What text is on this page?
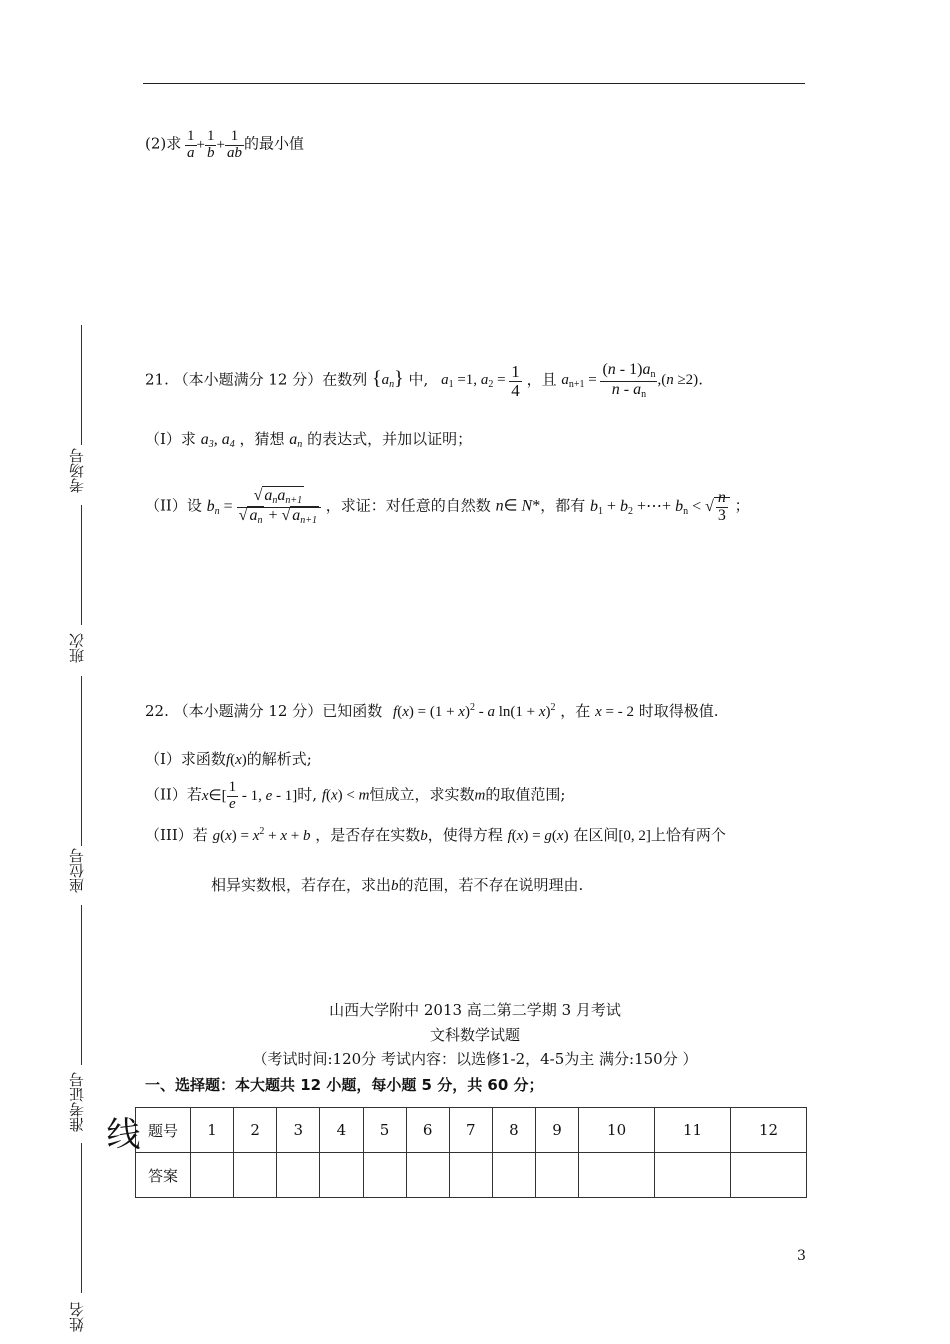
(2)求 $\frac{1}{a} + \frac{1}{b} + \frac{1}{ab}$ 的最小值
21. （本小题满分 12 分）在数列 $\{a_n\}$ 中, $a_1 =1$, $a_2 = \frac{1}{4}$ ，且 $a_{n+1} = \frac{(n - 1)a_n}{n - a_n} ,(n \ge 2)$.
（I）求 $a_3$, $a_4$ ，猜想 $a_n$ 的表达式，并加以证明；
（II）设 $b_n = \frac{√ a_na_{n+1}}{√ a_n + √ a_{n+1}}$ ，求证：对任意的自然数 n∈ N*，都有 $b_1 + b_2$ +⋯+ $b_n$ < √ $\frac{n}{3}$ ；
22. （本小题满分 12 分）已知函数 $f(x) = (1 + x)^2 - a$ $\ln(1 + x)^2$ ，在 x = - 2 时取得极值.
（I）求函数f(x)的解析式;
（II）若x∈[ $\frac{1}{e} - 1$, e - 1]时, f(x) < m恒成立，求实数m的取值范围;
（III）若 $g(x) = x^2 + x + b$ ，是否存在实数b，使得方程 f(x) = g(x) 在区间[0, 2]上恰有两个
相异实数根，若存在，求出b的范围，若不存在说明理由.
山西大学附中 2013 高二第二学期 3 月考试
文科数学试题
（考试时间:120分 考试内容：以选修1-2，4-5为主 满分:150分 ）
一、选择题：本大题共 12 小题，每小题 5 分，共 60 分；
题号	1	2	3	4	5	6	7	8	9	10	11	12
答案												
3
考场号
班次
座位号
准考证号
姓名
线
